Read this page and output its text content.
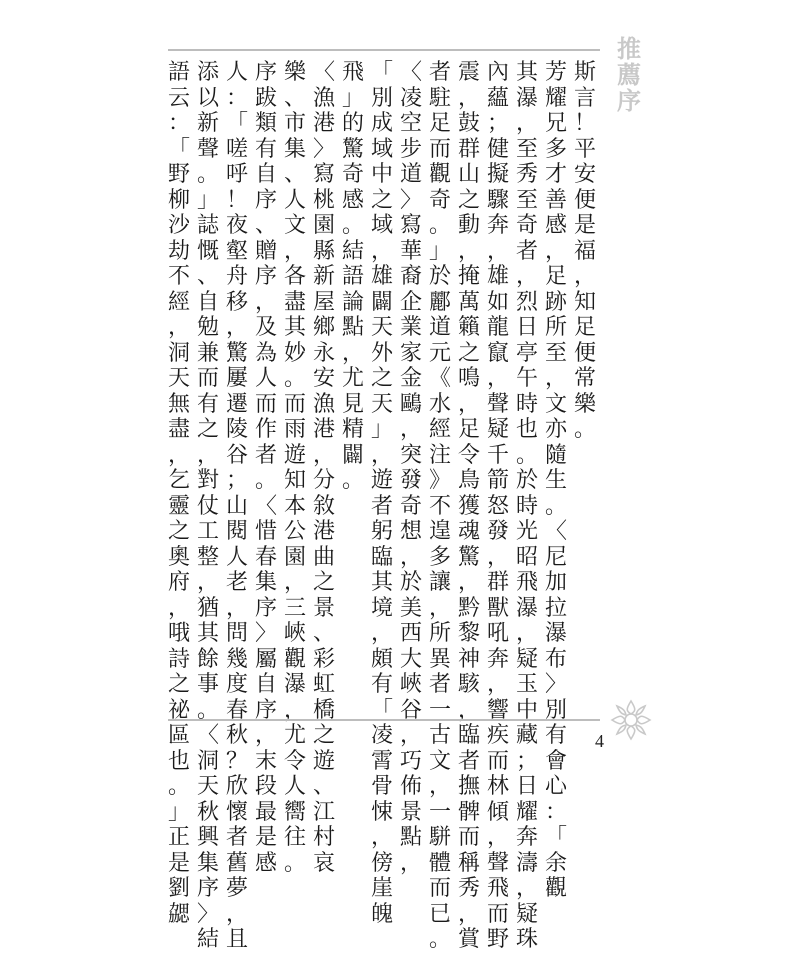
推
薦
序
斯
言
！
平
安
便
是
福
，
知
足
便
常
樂
。
芳
耀
兄
多
才
善
感
，
足
跡
所
至
，
文
亦
隨
生
。
〈
尼
加
拉
瀑
布
〉
別
有
會
心
：
「
余
觀
其
瀑
，
至
秀
至
奇
者
，
烈
日
亭
午
時
也
。
於
時
光
昭
飛
瀑
，
疑
玉
中
藏
；
日
耀
奔
濤
，
疑
珠
內
蘊
；
健
擬
驟
奔
，
雄
如
龍
竄
，
聲
疑
千
箭
怒
發
，
群
獸
吼
奔
，
響
疾
而
林
傾
，
聲
飛
而
野
震
，
鼓
群
山
之
動
，
掩
萬
籟
之
鳴
，
足
令
鳥
獲
魂
驚
，
黔
黎
神
駭
，
臨
者
撫
髀
而
稱
秀
，
賞
者
駐
足
而
觀
奇
。
」
於
酈
道
元
《
水
經
注
》
不
遑
多
讓
，
所
異
者
一
古
文
，
一
駢
體
而
已
。
〈
凌
空
步
道
〉
寫
華
裔
企
業
家
金
鷗
，
突
發
奇
想
，
於
美
西
大
峽
谷
，
巧
佈
景
點
，
「
別
成
域
中
之
域
，
雄
闢
天
外
之
天
」
，
遊
者
躬
臨
其
境
，
頗
有
「
凌
霄
骨
悚
，
傍
崖
魄
飛
」
的
驚
奇
感
。
結
語
論
點
，
尤
見
精
闢
。
〈
漁
港
〉
寫
桃
園
縣
新
屋
鄉
永
安
漁
港
，
分
敘
港
曲
之
景
、
彩
虹
橋
之
遊
、
江
村
哀
樂
、
市
集
、
人
文
，
各
盡
其
妙
。
而
雨
遊
知
本
公
園
，
三
峽
觀
瀑
，
尤
令
人
嚮
往
。
序
跋
類
有
自
序
、
贈
序
，
及
為
人
而
作
者
。
〈
惜
春
集
序
〉
屬
自
序
，
末
段
最
是
感
人
：
「
嗟
呼
！
夜
壑
舟
移
，
驚
屢
遷
陵
谷
；
山
閱
人
老
，
問
幾
度
春
秋
？
欣
懷
者
舊
夢
，
且
添
以
新
聲
。
」
誌
慨
、
自
勉
兼
而
有
之
，
對
仗
工
整
，
猶
其
餘
事
。
〈
洞
天
秋
興
集
序
〉
結
語
云
：
「
野
柳
沙
劫
不
經
，
洞
天
無
盡
，
乞
靈
之
奧
府
，
哦
詩
之
祕
區
也
。
」
正
是
劉
勰
4
